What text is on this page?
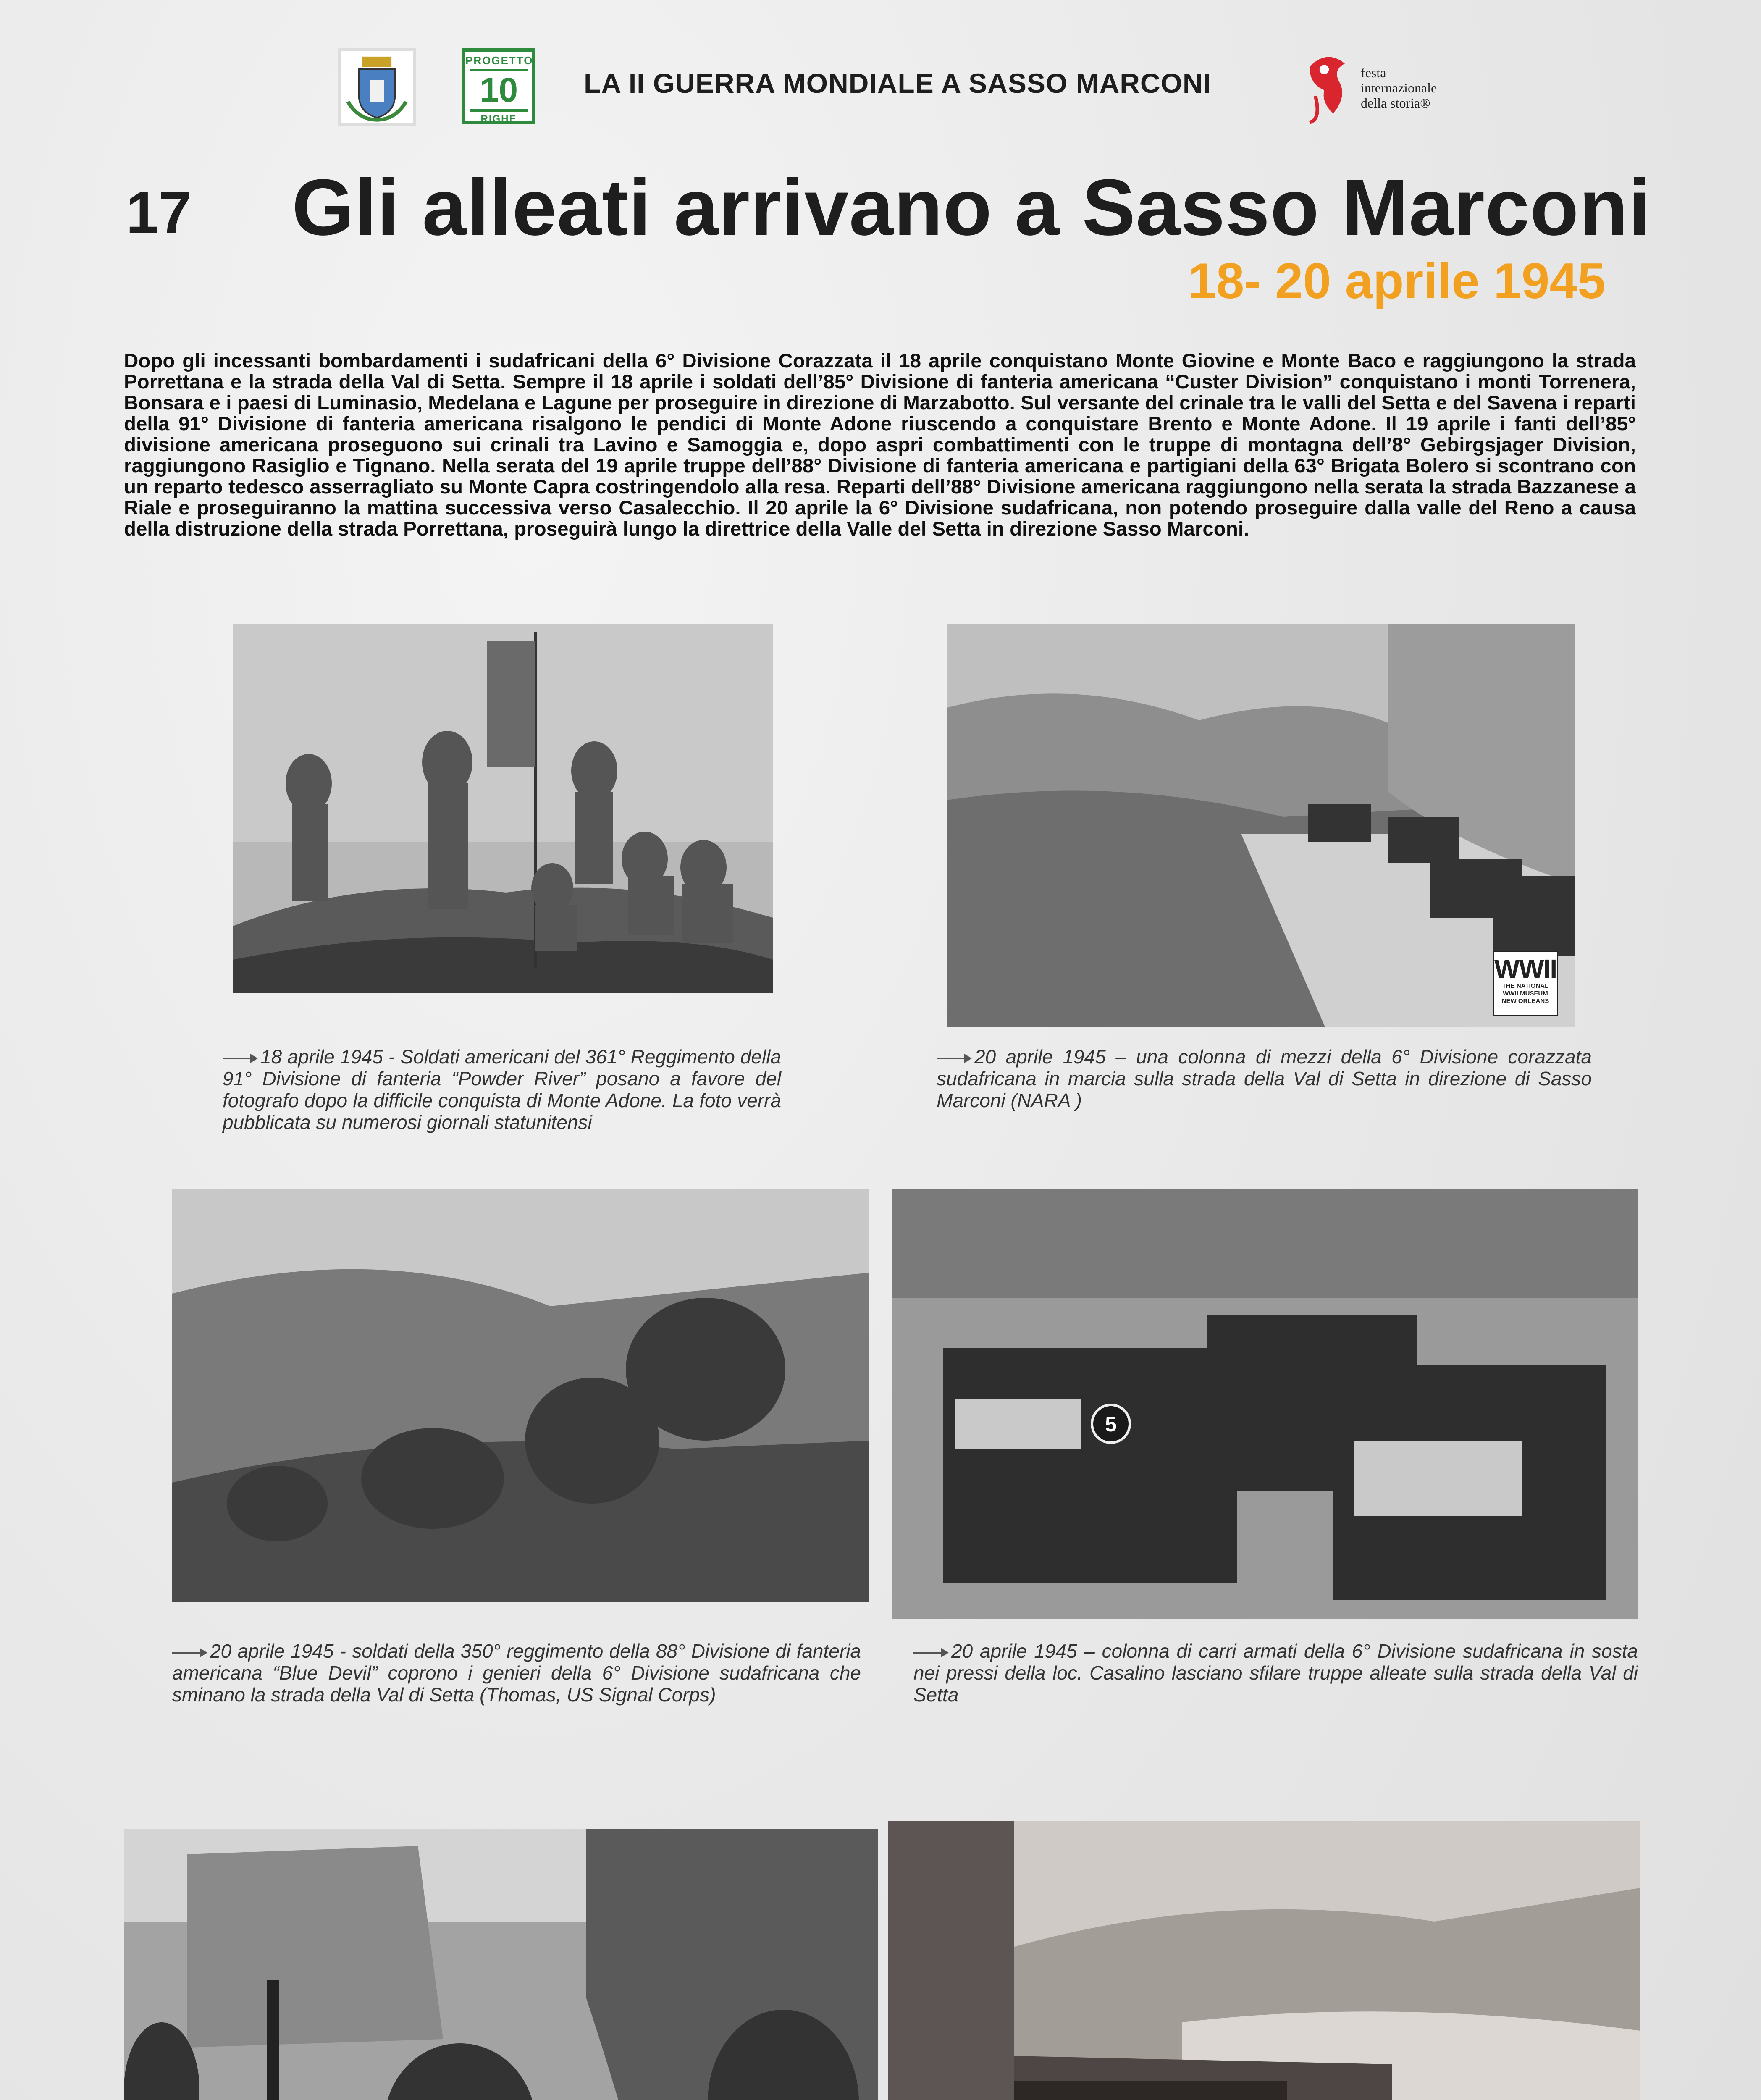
PROGETTO
10
RIGHE
LA II GUERRA MONDIALE A SASSO MARCONI	festa
internazionale
della storia®
17 Gli alleati arrivano a Sasso Marconi
18- 20 aprile 1945
Dopo gli incessanti bombardamenti i sudafricani della 6° Divisione Corazzata il 18 aprile conquistano Monte Giovine e Monte Baco e raggiungono la strada Porrettana e la strada della Val di Setta. Sempre il 18 aprile i soldati dell’85° Divisione di fanteria americana “Custer Division” conquistano i monti Torrenera, Bonsara e i paesi di Luminasio, Medelana e Lagune per proseguire in direzione di Marzabotto. Sul versante del crinale tra le valli del Setta e del Savena i reparti della 91° Divisione di fanteria americana risalgono le pendici di Monte Adone riuscendo a conquistare Brento e Monte Adone. Il 19 aprile i fanti dell’85° divisione americana proseguono sui crinali tra Lavino e Samoggia e, dopo aspri combattimenti con le truppe di montagna dell’8° Gebirgsjager Division, raggiungono Rasiglio e Tignano. Nella serata del 19 aprile truppe dell’88° Divisione di fanteria americana e partigiani della 63° Brigata Bolero si scontrano con un reparto tedesco asserragliato su Monte Capra costringendolo alla resa. Reparti dell’88° Divisione americana raggiungono nella serata la strada Bazzanese a Riale e proseguiranno la mattina successiva verso Casalecchio. Il 20 aprile la 6° Divisione sudafricana, non potendo proseguire dalla valle del Reno a causa della distruzione della strada Porrettana, proseguirà lungo la direttrice della Valle del Setta in direzione Sasso Marconi.
18 aprile 1945 - Soldati americani del 361° Reggimento della 91° Divisione di fanteria “Powder River” posano a favore del fotografo dopo la difficile conquista di Monte Adone. La foto verrà pubblicata su numerosi giornali statunitensi
WWII
THE NATIONAL
WWII MUSEUM
NEW ORLEANS
20 aprile 1945 – una colonna di mezzi della 6° Divisione corazzata sudafricana in marcia sulla strada della Val di Setta in direzione di Sasso Marconi (NARA )
20 aprile 1945 - soldati della 350° reggimento della 88° Divisione di fanteria americana “Blue Devil” coprono i genieri della 6° Divisione sudafricana che sminano la strada della Val di Setta (Thomas, US Signal Corps)
5
20 aprile 1945 – colonna di carri armati della 6° Divisione sudafricana in sosta nei pressi della loc. Casalino lasciano sfilare truppe alleate sulla strada della Val di Setta
